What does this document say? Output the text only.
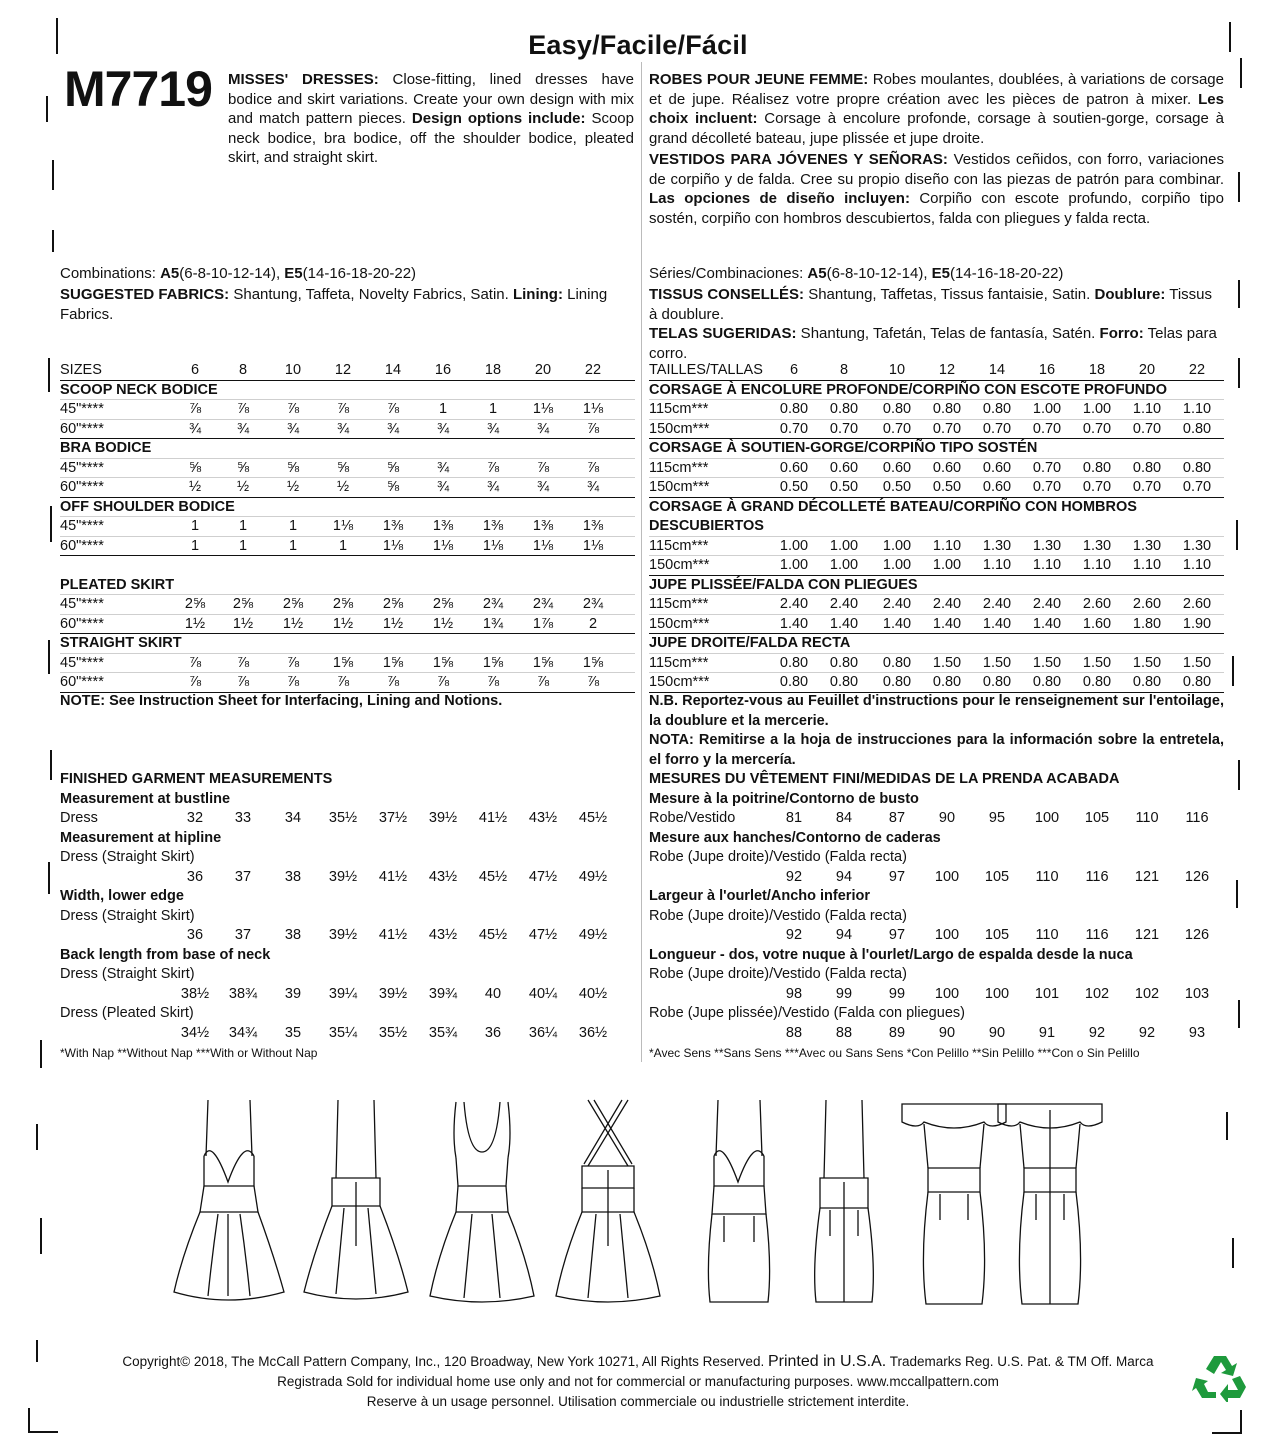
Easy/Facile/Fácil
M7719 MISSES' DRESSES: Close-fitting, lined dresses have bodice and skirt variations. Create your own design with mix and match pattern pieces. Design options include: Scoop neck bodice, bra bodice, off the shoulder bodice, pleated skirt, and straight skirt.
ROBES POUR JEUNE FEMME: Robes moulantes, doublées, à variations de corsage et de jupe. Réalisez votre propre création avec les pièces de patron à mixer. Les choix incluent: Corsage à encolure profonde, corsage à soutien-gorge, corsage à grand décolleté bateau, jupe plissée et jupe droite.
VESTIDOS PARA JÓVENES Y SEÑORAS: Vestidos ceñidos, con forro, variaciones de corpiño y de falda. Cree su propio diseño con las piezas de patrón para combinar. Las opciones de diseño incluyen: Corpiño con escote profundo, corpiño tipo sostén, corpiño con hombros descubiertos, falda con pliegues y falda recta.
Combinations: A5(6-8-10-12-14), E5(14-16-18-20-22)	Séries/Combinaciones: A5(6-8-10-12-14), E5(14-16-18-20-22)
SUGGESTED FABRICS: Shantung, Taffeta, Novelty Fabrics, Satin. Lining: Lining Fabrics.
TISSUS CONSELLÉS: Shantung, Taffetas, Tissus fantaisie, Satin. Doublure: Tissus à doublure.
TELAS SUGERIDAS: Shantung, Tafetán, Telas de fantasía, Satén. Forro: Telas para corro.
SIZES	6	8	10	12	14	16	18	20	22
SCOOP NECK BODICE
45"****	⅞	⅞	⅞	⅞	⅞	1	1	1⅛	1⅛
60"****	¾	¾	¾	¾	¾	¾	¾	¾	⅞
BRA BODICE
45"****	⅝	⅝	⅝	⅝	⅝	¾	⅞	⅞	⅞
60"****	½	½	½	½	⅝	¾	¾	¾	¾
OFF SHOULDER BODICE
45"****	1	1	1	1⅛	1⅜	1⅜	1⅜	1⅜	1⅜
60"****	1	1	1	1	1⅛	1⅛	1⅛	1⅛	1⅛
PLEATED SKIRT
45"****	2⅝	2⅝	2⅝	2⅝	2⅝	2⅝	2¾	2¾	2¾
60"****	1½	1½	1½	1½	1½	1½	1¾	1⅞	2
STRAIGHT SKIRT
45"****	⅞	⅞	⅞	1⅝	1⅝	1⅝	1⅝	1⅝	1⅝
60"****	⅞	⅞	⅞	⅞	⅞	⅞	⅞	⅞	⅞
TAILLES/TALLAS	6	8	10	12	14	16	18	20	22
CORSAGE À ENCOLURE PROFONDE/CORPIÑO CON ESCOTE PROFUNDO
115cm***	0.80	0.80	0.80	0.80	0.80	1.00	1.00	1.10	1.10
150cm***	0.70	0.70	0.70	0.70	0.70	0.70	0.70	0.70	0.80
CORSAGE À SOUTIEN-GORGE/CORPIÑO TIPO SOSTÉN
115cm***	0.60	0.60	0.60	0.60	0.60	0.70	0.80	0.80	0.80
150cm***	0.50	0.50	0.50	0.50	0.60	0.70	0.70	0.70	0.70
CORSAGE À GRAND DÉCOLLETÉ BATEAU/CORPIÑO CON HOMBROS DESCUBIERTOS
115cm***	1.00	1.00	1.00	1.10	1.30	1.30	1.30	1.30	1.30
150cm***	1.00	1.00	1.00	1.00	1.10	1.10	1.10	1.10	1.10
JUPE PLISSÉE/FALDA CON PLIEGUES
115cm***	2.40	2.40	2.40	2.40	2.40	2.40	2.60	2.60	2.60
150cm***	1.40	1.40	1.40	1.40	1.40	1.40	1.60	1.80	1.90
JUPE DROITE/FALDA RECTA
115cm***	0.80	0.80	0.80	1.50	1.50	1.50	1.50	1.50	1.50
150cm***	0.80	0.80	0.80	0.80	0.80	0.80	0.80	0.80	0.80
NOTE: See Instruction Sheet for Interfacing, Lining and Notions.	N.B. Reportez-vous au Feuillet d'instructions pour le renseignement sur l'entoilage, la doublure et la mercerie.
NOTA: Remitirse a la hoja de instrucciones para la información sobre la entretela, el forro y la mercería.
FINISHED GARMENT MEASUREMENTS
Measurement at bustline
Dress	32	33	34	35½	37½	39½	41½	43½	45½
Measurement at hipline
Dress (Straight Skirt)
36	37	38	39½	41½	43½	45½	47½	49½
Width, lower edge
Dress (Straight Skirt)
36	37	38	39½	41½	43½	45½	47½	49½
Back length from base of neck
Dress (Straight Skirt)
38½	38¾	39	39¼	39½	39¾	40	40¼	40½
Dress (Pleated Skirt)
34½	34¾	35	35¼	35½	35¾	36	36¼	36½
MESURES DU VÊTEMENT FINI/MEDIDAS DE LA PRENDA ACABADA
Mesure à la poitrine/Contorno de busto
Robe/Vestido	81	84	87	90	95	100	105	110	116
Mesure aux hanches/Contorno de caderas
Robe (Jupe droite)/Vestido (Falda recta)
92	94	97	100	105	110	116	121	126
Largeur à l'ourlet/Ancho inferior
Robe (Jupe droite)/Vestido (Falda recta)
92	94	97	100	105	110	116	121	126
Longueur - dos, votre nuque à l'ourlet/Largo de espalda desde la nuca
Robe (Jupe droite)/Vestido (Falda recta)
98	99	99	100	100	101	102	102	103
Robe (Jupe plissée)/Vestido (Falda con pliegues)
88	88	89	90	90	91	92	92	93
*With Nap **Without Nap ***With or Without Nap	*Avec Sens **Sans Sens ***Avec ou Sans Sens *Con Pelillo **Sin Pelillo ***Con o Sin Pelillo
Copyright© 2018, The McCall Pattern Company, Inc., 120 Broadway, New York 10271, All Rights Reserved. Printed in U.S.A. Trademarks Reg. U.S. Pat. & TM Off. Marca
Registrada Sold for individual home use only and not for commercial or manufacturing purposes. www.mccallpattern.com
Reserve à un usage personnel. Utilisation commerciale ou industrielle strictement interdite.
